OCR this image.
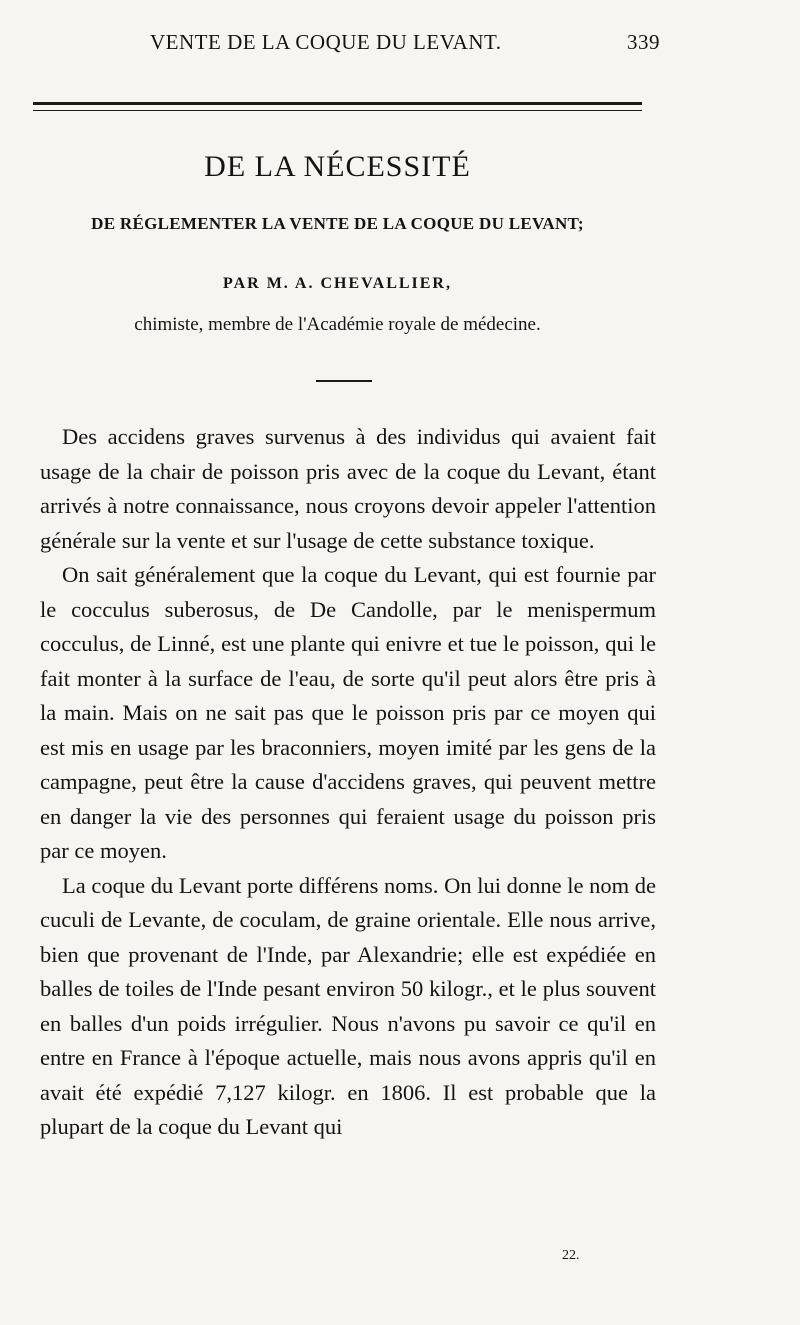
VENTE DE LA COQUE DU LEVANT.	339
DE LA NÉCESSITÉ
DE RÉGLEMENTER LA VENTE DE LA COQUE DU LEVANT;
PAR M. A. CHEVALLIER,
chimiste, membre de l'Académie royale de médecine.

Des accidens graves survenus à des individus qui avaient fait usage de la chair de poisson pris avec de la coque du Levant, étant arrivés à notre connaissance, nous croyons devoir appeler l'attention générale sur la vente et sur l'usage de cette substance toxique.

On sait généralement que la coque du Levant, qui est fournie par le cocculus suberosus, de De Candolle, par le menispermum cocculus, de Linné, est une plante qui enivre et tue le poisson, qui le fait monter à la surface de l'eau, de sorte qu'il peut alors être pris à la main. Mais on ne sait pas que le poisson pris par ce moyen qui est mis en usage par les braconniers, moyen imité par les gens de la campagne, peut être la cause d'accidens graves, qui peuvent mettre en danger la vie des personnes qui feraient usage du poisson pris par ce moyen.

La coque du Levant porte différens noms. On lui donne le nom de cuculi de Levante, de coculam, de graine orientale. Elle nous arrive, bien que provenant de l'Inde, par Alexandrie; elle est expédiée en balles de toiles de l'Inde pesant environ 50 kilogr., et le plus souvent en balles d'un poids irrégulier. Nous n'avons pu savoir ce qu'il en entre en France à l'époque actuelle, mais nous avons appris qu'il en avait été expédié 7,127 kilogr. en 1806. Il est probable que la plupart de la coque du Levant qui

22.
